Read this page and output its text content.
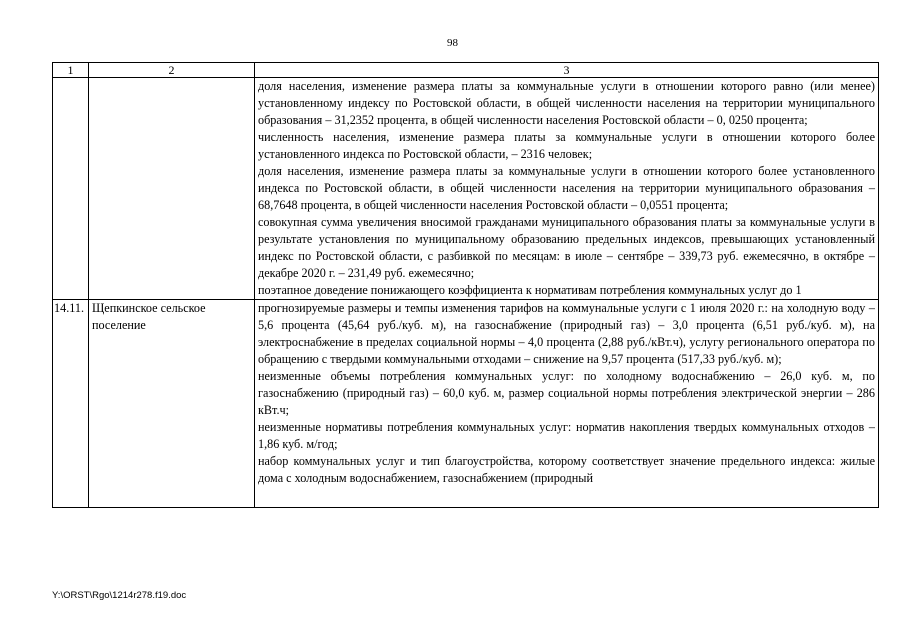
98
1	2	3

		доля населения, изменение размера платы за коммунальные услуги в отношении которого равно (или менее) установленному индексу по Ростовской области, в общей численности населения на территории муниципального образования – 31,2352 процента, в общей численности населения Ростовской области – 0, 0250 процента;
численность населения, изменение размера платы за коммунальные услуги в отношении которого более установленного индекса по Ростовской области, – 2316 человек;
доля населения, изменение размера платы за коммунальные услуги в отношении которого более установленного индекса по Ростовской области, в общей численности населения на территории муниципального образования – 68,7648 процента, в общей численности населения Ростовской области – 0,0551 процента;
совокупная сумма увеличения вносимой гражданами муниципального образования платы за коммунальные услуги в результате установления по муниципальному образованию предельных индексов, превышающих установленный индекс по Ростовской области, с разбивкой по месяцам: в июле – сентябре – 339,73 руб. ежемесячно, в октябре – декабре 2020 г. – 231,49 руб. ежемесячно;
поэтапное доведение понижающего коэффициента к нормативам потребления коммунальных услуг до 1

14.11.	Щепкинское сельское поселение	прогнозируемые размеры и темпы изменения тарифов на коммунальные услуги с 1 июля 2020 г.: на холодную воду –5,6 процента (45,64 руб./куб. м), на газоснабжение (природный газ) – 3,0 процента (6,51 руб./куб. м), на электроснабжение в пределах социальной нормы – 4,0 процента (2,88 руб./кВт.ч), услугу регионального оператора по обращению с твердыми коммунальными отходами – снижение на 9,57 процента (517,33 руб./куб. м);
неизменные объемы потребления коммунальных услуг: по холодному водоснабжению – 26,0 куб. м, по газоснабжению (природный газ) – 60,0 куб. м, размер социальной нормы потребления электрической энергии – 286 кВт.ч;
неизменные нормативы потребления коммунальных услуг: норматив накопления твердых коммунальных отходов – 1,86 куб. м/год;
набор коммунальных услуг и тип благоустройства, которому соответствует значение предельного индекса: жилые дома с холодным водоснабжением, газоснабжением (природный
Y:\ORST\Rgo\1214r278.f19.doc
